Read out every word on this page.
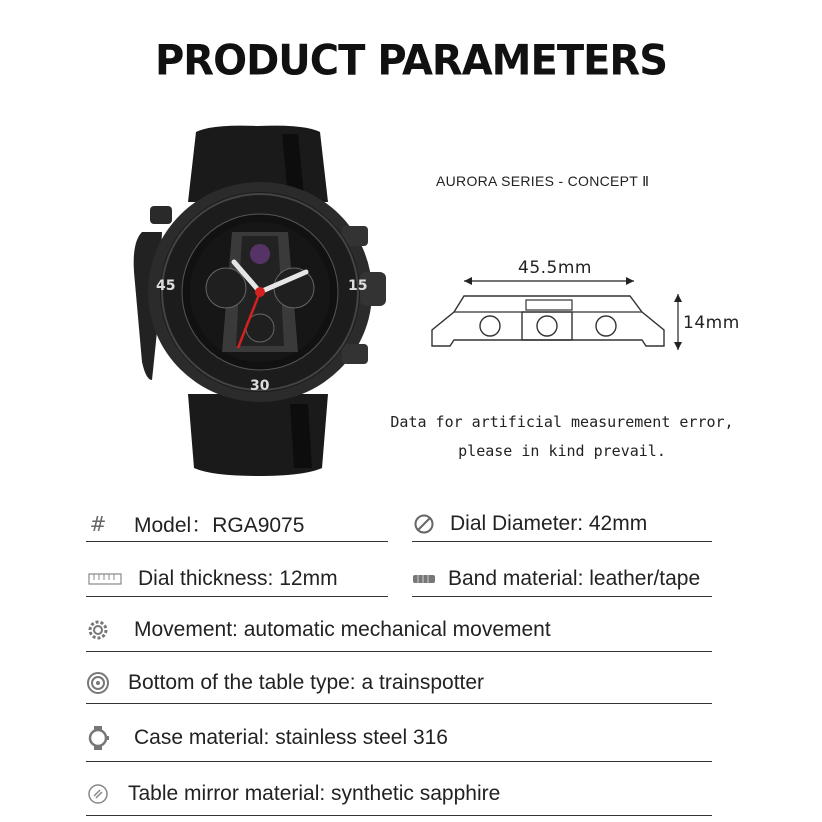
PRODUCT PARAMETERS
45	15
30
AURORA SERIES - CONCEPT Ⅱ
45.5mm
14mm
Data for artificial measurement error,
please in kind prevail.
# Model：RGA9075	Dial Diameter: 42mm
Dial thickness: 12mm	Band material: leather/tape
Movement: automatic mechanical movement
Bottom of the table type: a trainspotter
Case material: stainless steel 316
Table mirror material: synthetic sapphire
